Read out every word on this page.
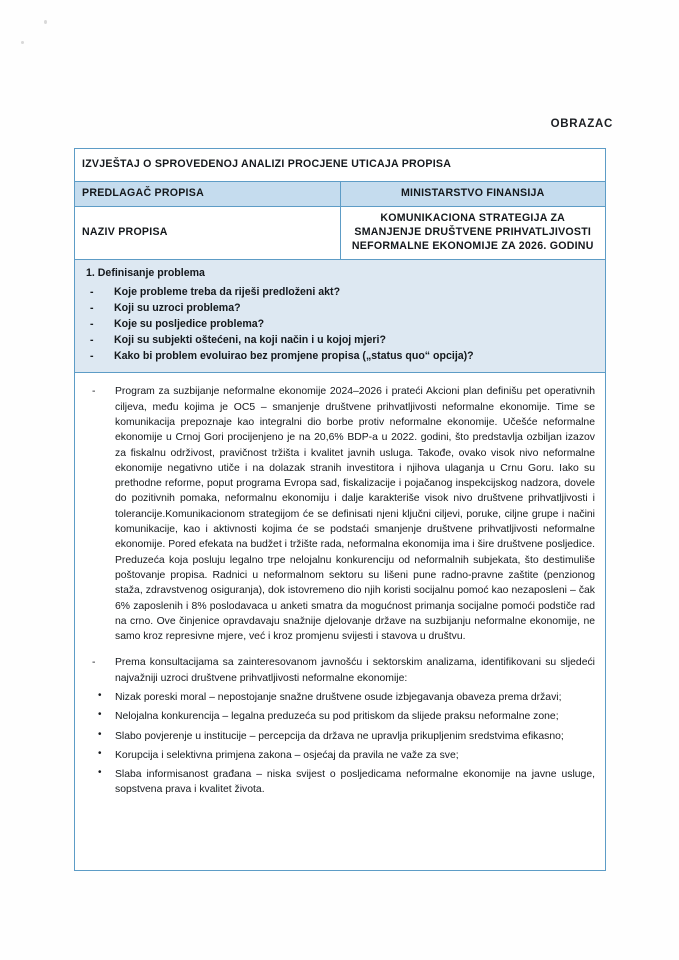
OBRAZAC
IZVJEŠTAJ O SPROVEDENOJ ANALIZI PROCJENE UTICAJA PROPISA	
PREDLAGAČ PROPISA	MINISTARSTVO FINANSIJA
NAZIV PROPISA	KOMUNIKACIONA STRATEGIJA ZA SMANJENJE DRUŠTVENE PRIHVATLJIVOSTI NEFORMALNE EKONOMIJE ZA 2026. GODINU
1. Definisanje problema
- Koje probleme treba da riješi predloženi akt?
- Koji su uzroci problema?
- Koje su posljedice problema?
- Koji su subjekti oštećeni, na koji način i u kojoj mjeri?
- Kako bi problem evoluirao bez promjene propisa („status quo“ opcija)?
- Program za suzbijanje neformalne ekonomije 2024–2026 i prateći Akcioni plan definišu pet operativnih ciljeva, među kojima je OC5 – smanjenje društvene prihvatljivosti neformalne ekonomije. Time se komunikacija prepoznaje kao integralni dio borbe protiv neformalne ekonomije. Učešće neformalne ekonomije u Crnoj Gori procijenjeno je na 20,6% BDP-a u 2022. godini, što predstavlja ozbiljan izazov za fiskalnu održivost, pravičnost tržišta i kvalitet javnih usluga. Takođe, ovako visok nivo neformalne ekonomije negativno utiče i na dolazak stranih investitora i njihova ulaganja u Crnu Goru. Iako su prethodne reforme, poput programa Evropa sad, fiskalizacije i pojačanog inspekcijskog nadzora, dovele do pozitivnih pomaka, neformalnu ekonomiju i dalje karakteriše visok nivo društvene prihvatljivosti i tolerancije.Komunikacionom strategijom će se definisati njeni ključni ciljevi, poruke, ciljne grupe i načini komunikacije, kao i aktivnosti kojima će se podstaći smanjenje društvene prihvatljivosti neformalne ekonomije. Pored efekata na budžet i tržište rada, neformalna ekonomija ima i šire društvene posljedice. Preduzeća koja posluju legalno trpe nelojalnu konkurenciju od neformalnih subjekata, što destimuliše poštovanje propisa. Radnici u neformalnom sektoru su lišeni pune radno-pravne zaštite (penzionog staža, zdravstvenog osiguranja), dok istovremeno dio njih koristi socijalnu pomoć kao nezaposleni – čak 6% zaposlenih i 8% poslodavaca u anketi smatra da mogućnost primanja socijalne pomoći podstiče rad na crno. Ove činjenice opravdavaju snažnije djelovanje države na suzbijanju neformalne ekonomije, ne samo kroz represivne mjere, već i kroz promjenu svijesti i stavova u društvu.
- Prema konsultacijama sa zainteresovanom javnošću i sektorskim analizama, identifikovani su sljedeći najvažniji uzroci društvene prihvatljivosti neformalne ekonomije:
• Nizak poreski moral – nepostojanje snažne društvene osude izbjegavanja obaveza prema državi;
• Nelojalna konkurencija – legalna preduzeća su pod pritiskom da slijede praksu neformalne zone;
• Slabo povjerenje u institucije – percepcija da država ne upravlja prikupljenim sredstvima efikasno;
• Korupcija i selektivna primjena zakona – osjećaj da pravila ne važe za sve;
• Slaba informisanost građana – niska svijest o posljedicama neformalne ekonomije na javne usluge, sopstvena prava i kvalitet života.
